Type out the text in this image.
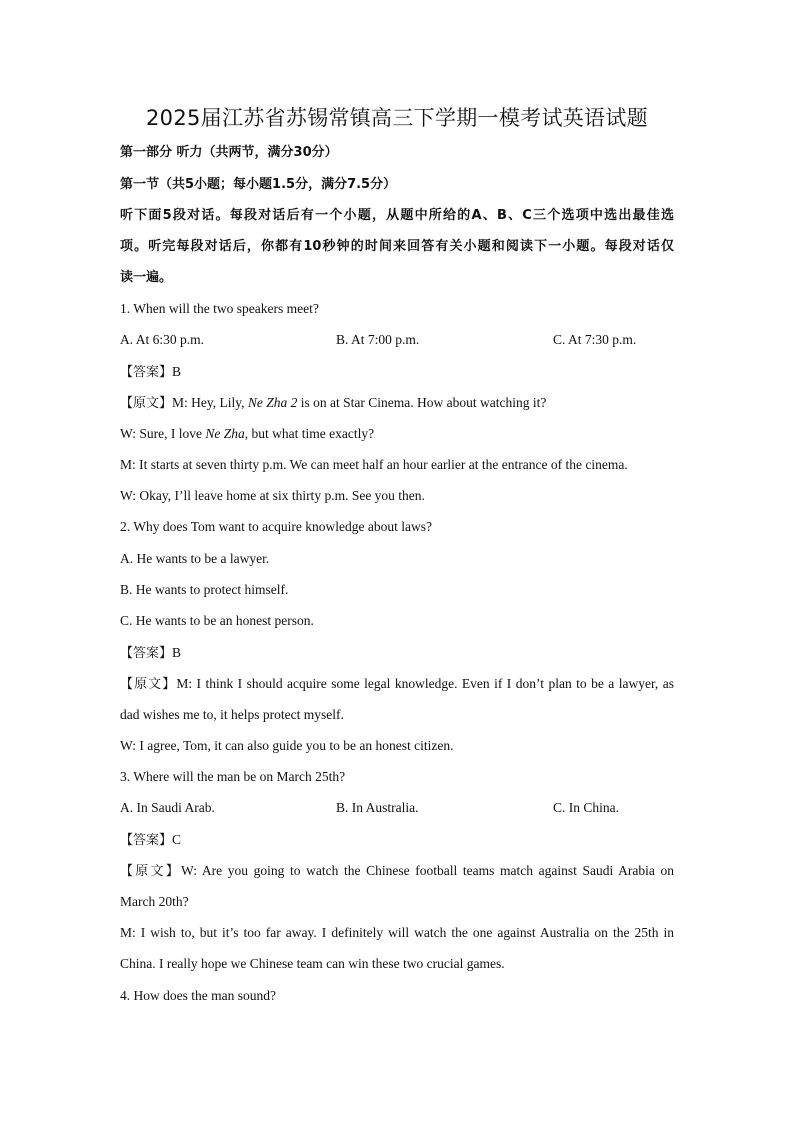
2025届江苏省苏锡常镇高三下学期一模考试英语试题
第一部分 听力（共两节，满分30分）
第一节（共5小题；每小题1.5分，满分7.5分）
听下面5段对话。每段对话后有一个小题，从题中所给的A、B、C三个选项中选出最佳选
项。听完每段对话后，你都有10秒钟的时间来回答有关小题和阅读下一小题。每段对话仅
读一遍。
1. When will the two speakers meet?
A. At 6:30 p.m.	B. At 7:00 p.m.	C. At 7:30 p.m.
【答案】B
【原文】M: Hey, Lily, Ne Zha 2 is on at Star Cinema. How about watching it?
W: Sure, I love Ne Zha, but what time exactly?
M: It starts at seven thirty p.m. We can meet half an hour earlier at the entrance of the cinema.
W: Okay, I’ll leave home at six thirty p.m. See you then.
2. Why does Tom want to acquire knowledge about laws?
A. He wants to be a lawyer.
B. He wants to protect himself.
C. He wants to be an honest person.
【答案】B
【原文】M: I think I should acquire some legal knowledge. Even if I don’t plan to be a lawyer, as
dad wishes me to, it helps protect myself.
W: I agree, Tom, it can also guide you to be an honest citizen.
3. Where will the man be on March 25th?
A. In Saudi Arab.	B. In Australia.	C. In China.
【答案】C
【原文】W: Are you going to watch the Chinese football teams match against Saudi Arabia on
March 20th?
M: I wish to, but it’s too far away. I definitely will watch the one against Australia on the 25th in
China. I really hope we Chinese team can win these two crucial games.
4. How does the man sound?
